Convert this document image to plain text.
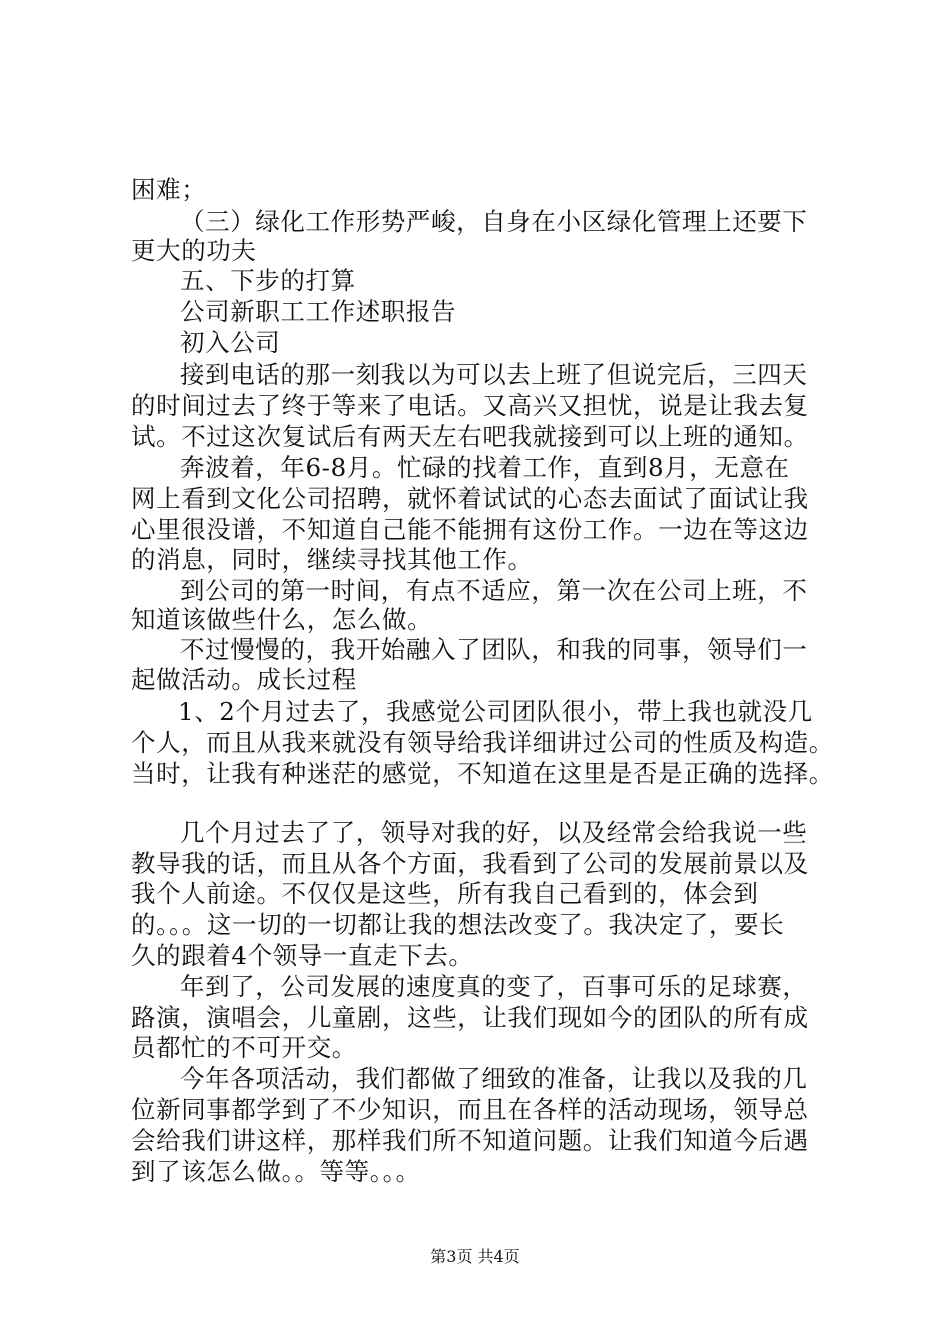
困难；
（三）绿化工作形势严峻，自身在小区绿化管理上还要下
更大的功夫
五、下步的打算
公司新职工工作述职报告
初入公司
接到电话的那一刻我以为可以去上班了但说完后，三四天
的时间过去了终于等来了电话。又高兴又担忧，说是让我去复
试。不过这次复试后有两天左右吧我就接到可以上班的通知。
奔波着，年6-8月。忙碌的找着工作，直到8月，无意在
网上看到文化公司招聘，就怀着试试的心态去面试了面试让我
心里很没谱，不知道自己能不能拥有这份工作。一边在等这边
的消息，同时，继续寻找其他工作。
到公司的第一时间，有点不适应，第一次在公司上班，不
知道该做些什么，怎么做。
不过慢慢的，我开始融入了团队，和我的同事，领导们一
起做活动。成长过程
1、2个月过去了，我感觉公司团队很小，带上我也就没几
个人，而且从我来就没有领导给我详细讲过公司的性质及构造。
当时，让我有种迷茫的感觉，不知道在这里是否是正确的选择。
几个月过去了了，领导对我的好，以及经常会给我说一些
教导我的话，而且从各个方面，我看到了公司的发展前景以及
我个人前途。不仅仅是这些，所有我自己看到的，体会到
的。。。这一切的一切都让我的想法改变了。我决定了，要长
久的跟着4个领导一直走下去。
年到了，公司发展的速度真的变了，百事可乐的足球赛，
路演，演唱会，儿童剧，这些，让我们现如今的团队的所有成
员都忙的不可开交。
今年各项活动，我们都做了细致的准备，让我以及我的几
位新同事都学到了不少知识，而且在各样的活动现场，领导总
会给我们讲这样，那样我们所不知道问题。让我们知道今后遇
到了该怎么做。。等等。。。
第3页 共4页
